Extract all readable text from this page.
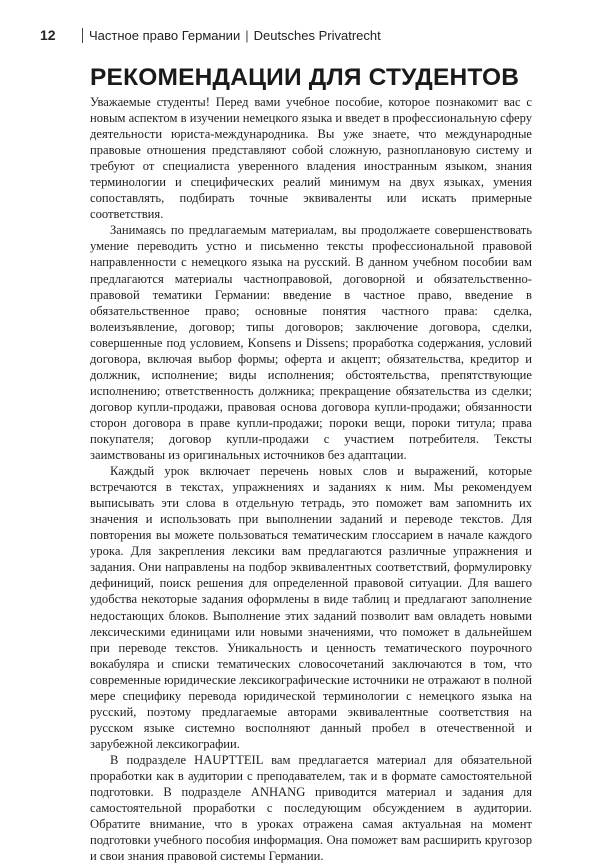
12	Частное право Германии | Deutsches Privatrecht
РЕКОМЕНДАЦИИ ДЛЯ СТУДЕНТОВ

Уважаемые студенты! Перед вами учебное пособие, которое познакомит вас с новым аспектом в изучении немецкого языка и введет в профессиональную сферу деятельности юриста-международника. Вы уже знаете, что международные правовые отношения представляют собой сложную, разноплановую систему и требуют от специалиста уверенного владения иностранным языком, знания терминологии и специфических реалий минимум на двух языках, умения сопоставлять, подбирать точные эквиваленты или искать примерные соответствия.

Занимаясь по предлагаемым материалам, вы продолжаете совершенствовать умение переводить устно и письменно тексты профессиональной правовой направленности с немецкого языка на русский. В данном учебном пособии вам предлагаются материалы частноправовой, договорной и обязательственно-правовой тематики Германии: введение в частное право, введение в обязательственное право; основные понятия частного права: сделка, волеизъявление, договор; типы договоров; заключение договора, сделки, совершенные под условием, Konsens и Dissens; проработка содержания, условий договора, включая выбор формы; оферта и акцепт; обязательства, кредитор и должник, исполнение; виды исполнения; обстоятельства, препятствующие исполнению; ответственность должника; прекращение обязательства из сделки; договор купли-продажи, правовая основа договора купли-продажи; обязанности сторон договора в праве купли-продажи; пороки вещи, пороки титула; права покупателя; договор купли-продажи с участием потребителя. Тексты заимствованы из оригинальных источников без адаптации.

Каждый урок включает перечень новых слов и выражений, которые встречаются в текстах, упражнениях и заданиях к ним. Мы рекомендуем выписывать эти слова в отдельную тетрадь, это поможет вам запомнить их значения и использовать при выполнении заданий и переводе текстов. Для повторения вы можете пользоваться тематическим глоссарием в начале каждого урока. Для закрепления лексики вам предлагаются различные упражнения и задания. Они направлены на подбор эквивалентных соответствий, формулировку дефиниций, поиск решения для определенной правовой ситуации. Для вашего удобства некоторые задания оформлены в виде таблиц и предлагают заполнение недостающих блоков. Выполнение этих заданий позволит вам овладеть новыми лексическими единицами или новыми значениями, что поможет в дальнейшем при переводе текстов. Уникальность и ценность тематического поурочного вокабуляра и списки тематических словосочетаний заключаются в том, что современные юридические лексикографические источники не отражают в полной мере специфику перевода юридической терминологии с немецкого языка на русский, поэтому предлагаемые авторами эквивалентные соответствия на русском языке системно восполняют данный пробел в отечественной и зарубежной лексикографии.

В подразделе HAUPTTEIL вам предлагается материал для обязательной проработки как в аудитории с преподавателем, так и в формате самостоятельной подготовки. В подразделе ANHANG приводится материал и задания для самостоятельной проработки с последующим обсуждением в аудитории. Обратите внимание, что в уроках отражена самая актуальная на момент подготовки учебного пособия информация. Она поможет вам расширить кругозор и свои знания правовой системы Германии.
